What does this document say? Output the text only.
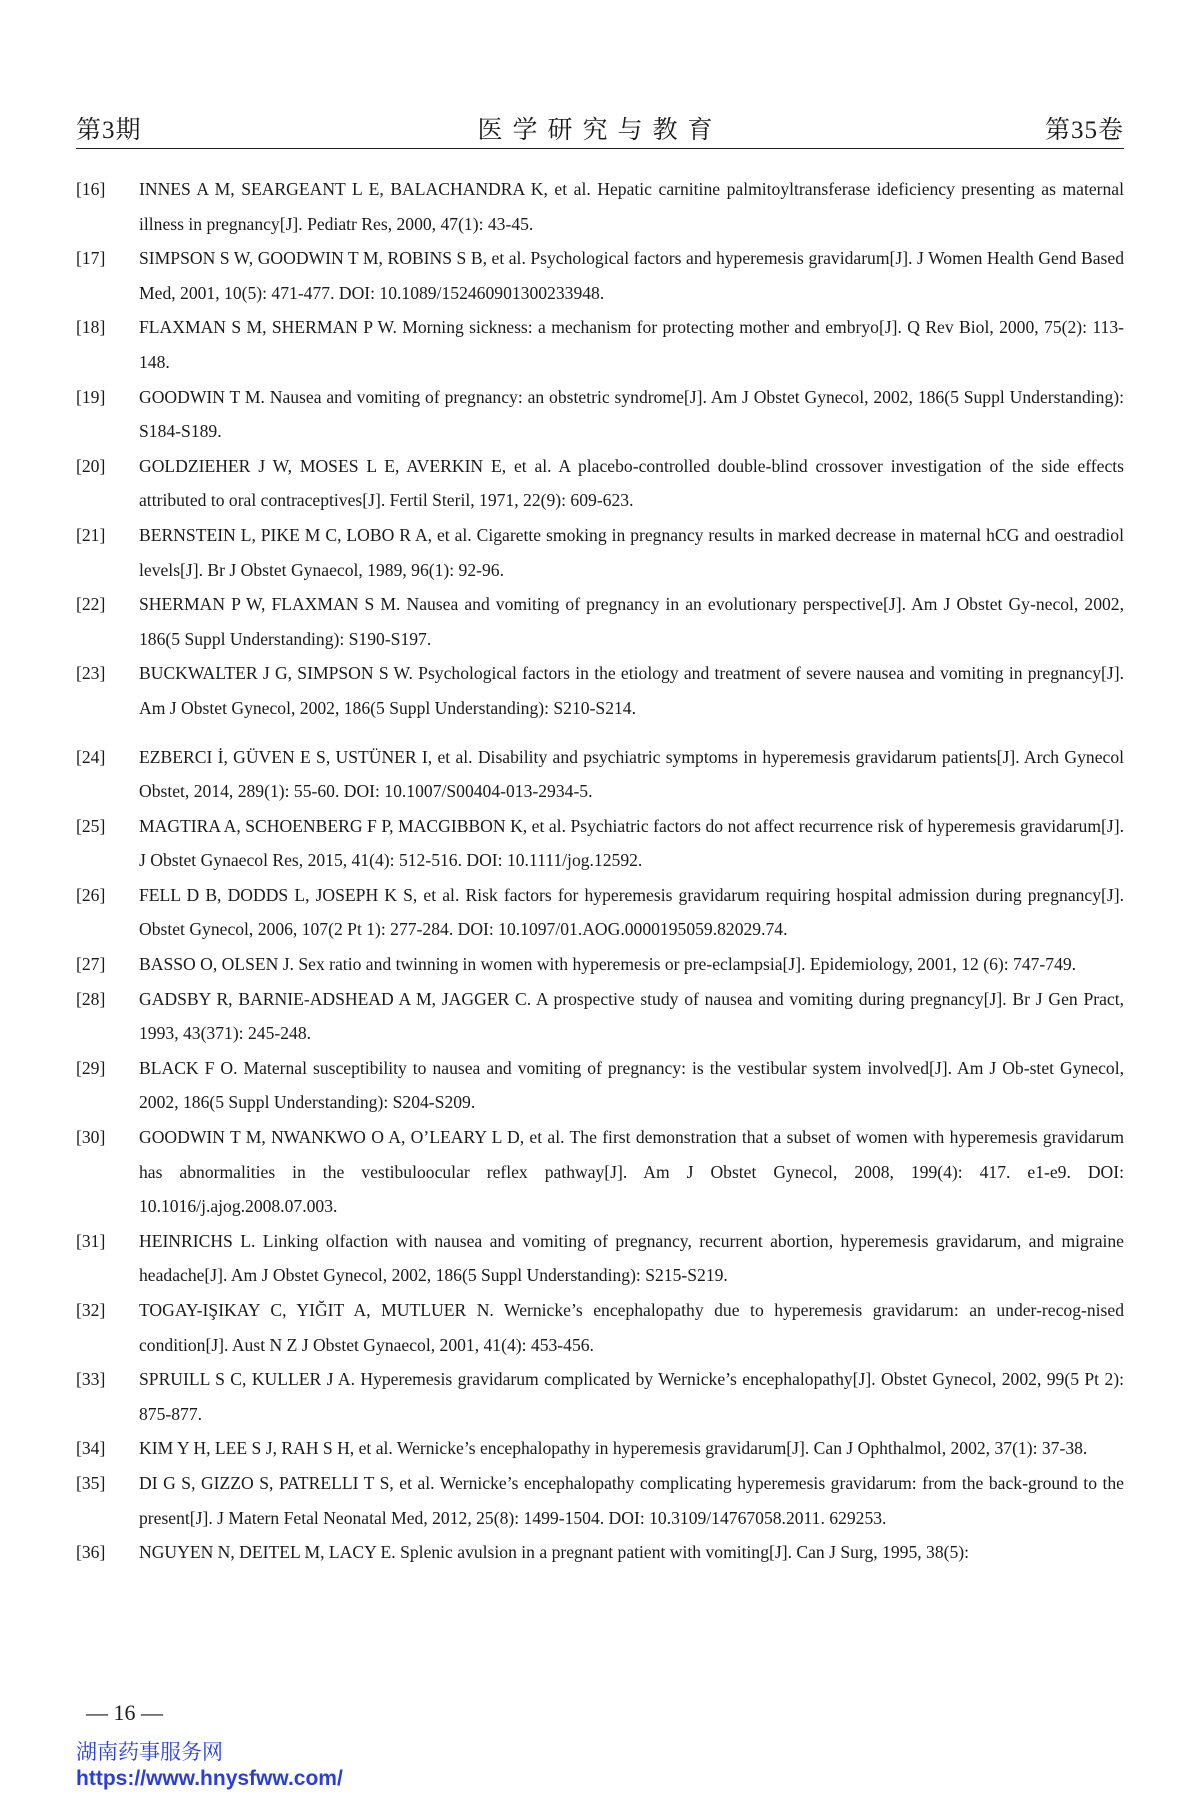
第3期	医学研究与教育	第35卷
[16]	INNES A M, SEARGEANT L E, BALACHANDRA K, et al. Hepatic carnitine palmitoyltransferase ideficiency presenting as maternal illness in pregnancy[J]. Pediatr Res, 2000, 47(1): 43-45.
[17]	SIMPSON S W, GOODWIN T M, ROBINS S B, et al. Psychological factors and hyperemesis gravidarum[J]. J Women Health Gend Based Med, 2001, 10(5): 471-477. DOI: 10.1089/152460901300233948.
[18]	FLAXMAN S M, SHERMAN P W. Morning sickness: a mechanism for protecting mother and embryo[J]. Q Rev Biol, 2000, 75(2): 113-148.
[19]	GOODWIN T M. Nausea and vomiting of pregnancy: an obstetric syndrome[J]. Am J Obstet Gynecol, 2002, 186(5 Suppl Understanding): S184-S189.
[20]	GOLDZIEHER J W, MOSES L E, AVERKIN E, et al. A placebo-controlled double-blind crossover investigation of the side effects attributed to oral contraceptives[J]. Fertil Steril, 1971, 22(9): 609-623.
[21]	BERNSTEIN L, PIKE M C, LOBO R A, et al. Cigarette smoking in pregnancy results in marked decrease in maternal hCG and oestradiol levels[J]. Br J Obstet Gynaecol, 1989, 96(1): 92-96.
[22]	SHERMAN P W, FLAXMAN S M. Nausea and vomiting of pregnancy in an evolutionary perspective[J]. Am J Obstet Gy-necol, 2002, 186(5 Suppl Understanding): S190-S197.
[23]	BUCKWALTER J G, SIMPSON S W. Psychological factors in the etiology and treatment of severe nausea and vomiting in pregnancy[J]. Am J Obstet Gynecol, 2002, 186(5 Suppl Understanding): S210-S214.
[24]	EZBERCI İ, GÜVEN E S, USTÜNER I, et al. Disability and psychiatric symptoms in hyperemesis gravidarum patients[J]. Arch Gynecol Obstet, 2014, 289(1): 55-60. DOI: 10.1007/S00404-013-2934-5.
[25]	MAGTIRA A, SCHOENBERG F P, MACGIBBON K, et al. Psychiatric factors do not affect recurrence risk of hyperemesis gravidarum[J]. J Obstet Gynaecol Res, 2015, 41(4): 512-516. DOI: 10.1111/jog.12592.
[26]	FELL D B, DODDS L, JOSEPH K S, et al. Risk factors for hyperemesis gravidarum requiring hospital admission during pregnancy[J]. Obstet Gynecol, 2006, 107(2 Pt 1): 277-284. DOI: 10.1097/01.AOG.0000195059.82029.74.
[27]	BASSO O, OLSEN J. Sex ratio and twinning in women with hyperemesis or pre-eclampsia[J]. Epidemiology, 2001, 12 (6): 747-749.
[28]	GADSBY R, BARNIE-ADSHEAD A M, JAGGER C. A prospective study of nausea and vomiting during pregnancy[J]. Br J Gen Pract, 1993, 43(371): 245-248.
[29]	BLACK F O. Maternal susceptibility to nausea and vomiting of pregnancy: is the vestibular system involved[J]. Am J Ob-stet Gynecol, 2002, 186(5 Suppl Understanding): S204-S209.
[30]	GOODWIN T M, NWANKWO O A, O’LEARY L D, et al. The first demonstration that a subset of women with hyperemesis gravidarum has abnormalities in the vestibuloocular reflex pathway[J]. Am J Obstet Gynecol, 2008, 199(4): 417. e1-e9. DOI: 10.1016/j.ajog.2008.07.003.
[31]	HEINRICHS L. Linking olfaction with nausea and vomiting of pregnancy, recurrent abortion, hyperemesis gravidarum, and migraine headache[J]. Am J Obstet Gynecol, 2002, 186(5 Suppl Understanding): S215-S219.
[32]	TOGAY-IŞIKAY C, YIĞIT A, MUTLUER N. Wernicke’s encephalopathy due to hyperemesis gravidarum: an under-recog-nised condition[J]. Aust N Z J Obstet Gynaecol, 2001, 41(4): 453-456.
[33]	SPRUILL S C, KULLER J A. Hyperemesis gravidarum complicated by Wernicke’s encephalopathy[J]. Obstet Gynecol, 2002, 99(5 Pt 2): 875-877.
[34]	KIM Y H, LEE S J, RAH S H, et al. Wernicke’s encephalopathy in hyperemesis gravidarum[J]. Can J Ophthalmol, 2002, 37(1): 37-38.
[35]	DI G S, GIZZO S, PATRELLI T S, et al. Wernicke’s encephalopathy complicating hyperemesis gravidarum: from the back-ground to the present[J]. J Matern Fetal Neonatal Med, 2012, 25(8): 1499-1504. DOI: 10.3109/14767058.2011. 629253.
[36]	NGUYEN N, DEITEL M, LACY E. Splenic avulsion in a pregnant patient with vomiting[J]. Can J Surg, 1995, 38(5):
— 16 —
湖南药事服务网
https://www.hnysfww.com/
